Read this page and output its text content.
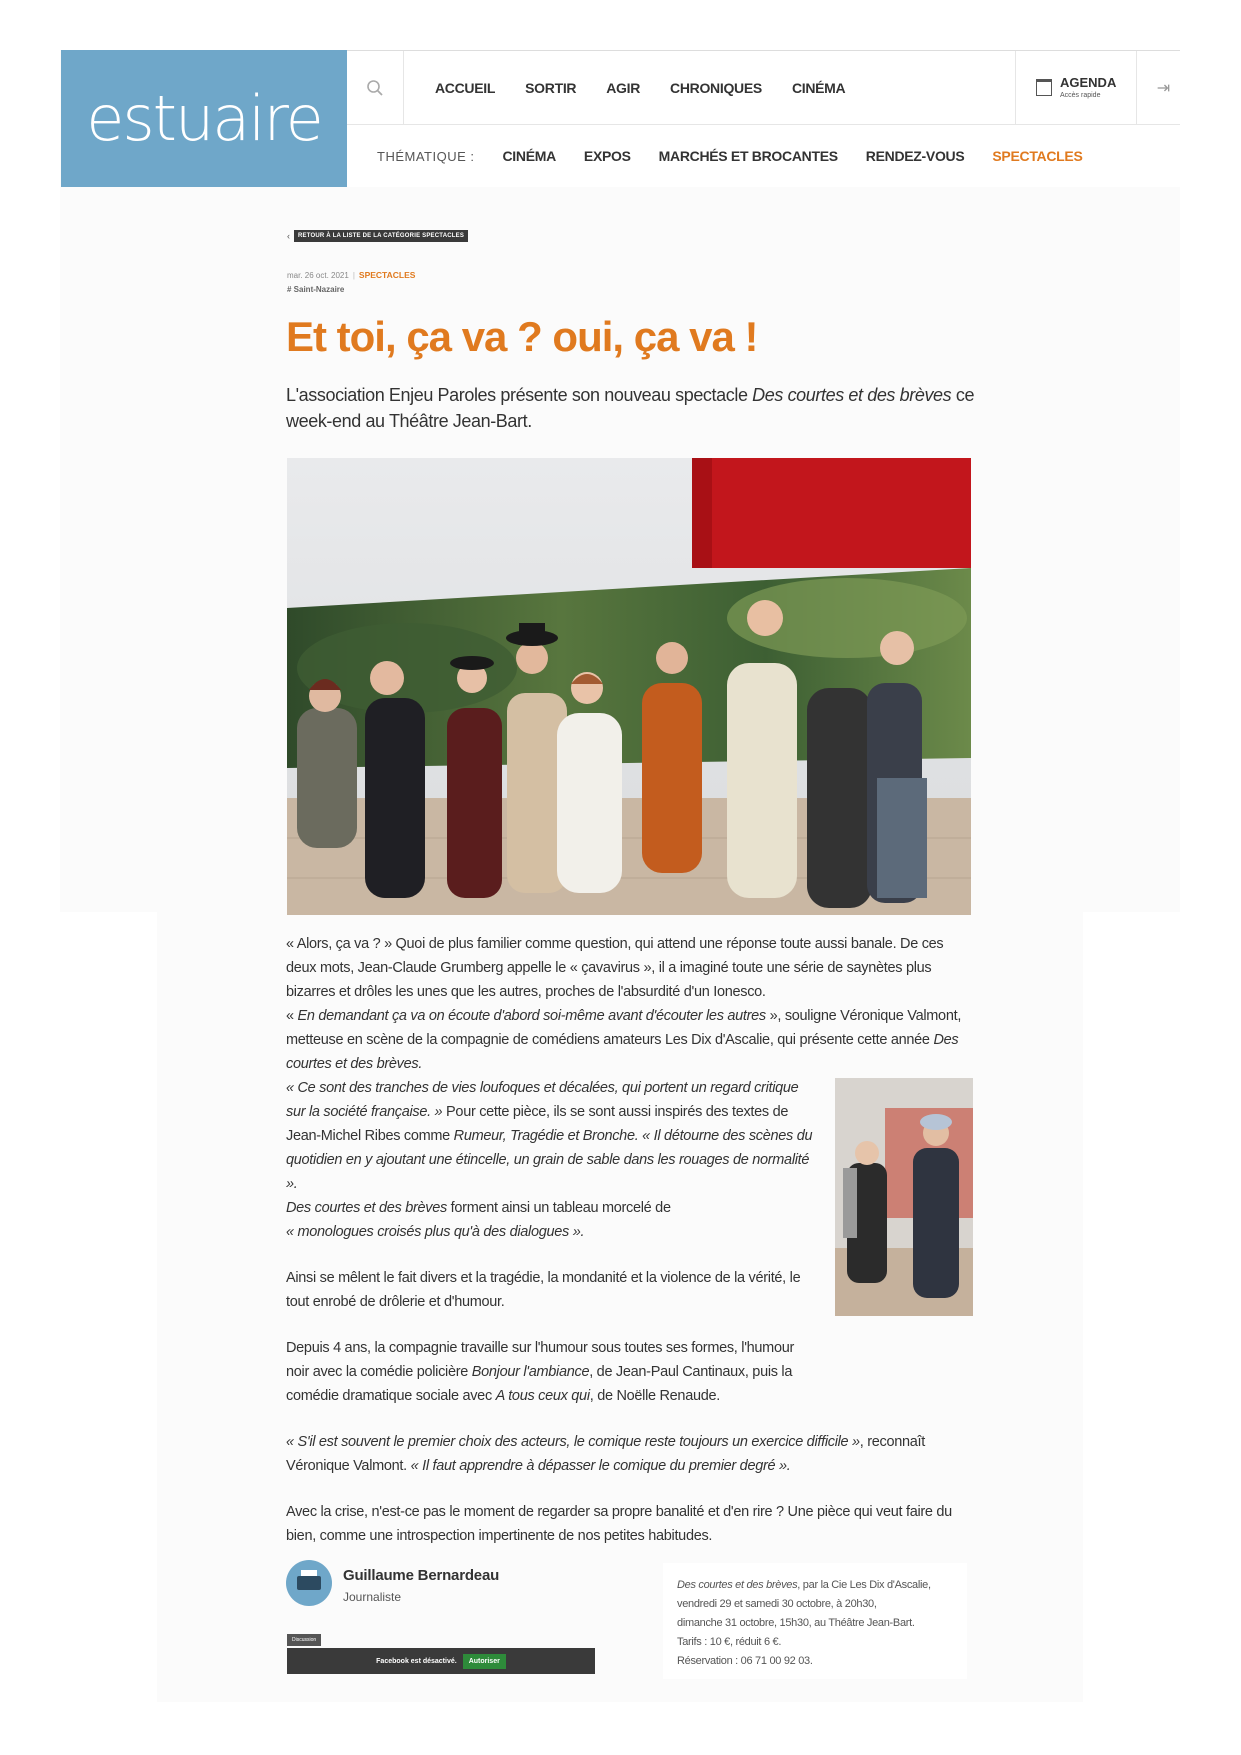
estuaire	ACCUEIL SORTIR AGIR CHRONIQUES CINÉMA	AGENDA
Accès rapide	⇥
THÉMATIQUE : CINÉMA EXPOS MARCHÉS ET BROCANTES RENDEZ-VOUS SPECTACLES
‹	RETOUR À LA LISTE DE LA CATÉGORIE SPECTACLES
mar. 26 oct. 2021 | SPECTACLES
# Saint-Nazaire
Et toi, ça va ? oui, ça va !

L'association Enjeu Paroles présente son nouveau spectacle Des courtes et des brèves ce week-end au Théâtre Jean-Bart.

« Alors, ça va ? » Quoi de plus familier comme question, qui attend une réponse toute aussi banale. De ces deux mots, Jean-Claude Grumberg appelle le « çavavirus », il a imaginé toute une série de saynètes plus bizarres et drôles les unes que les autres, proches de l'absurdité d'un Ionesco.
« En demandant ça va on écoute d'abord soi-même avant d'écouter les autres », souligne Véronique Valmont, metteuse en scène de la compagnie de comédiens amateurs Les Dix d'Ascalie, qui présente cette année Des courtes et des brèves.

« Ce sont des tranches de vies loufoques et décalées, qui portent un regard critique sur la société française. » Pour cette pièce, ils se sont aussi inspirés des textes de Jean-Michel Ribes comme Rumeur, Tragédie et Bronche. « Il détourne des scènes du quotidien en y ajoutant une étincelle, un grain de sable dans les rouages de normalité ».
Des courtes et des brèves forment ainsi un tableau morcelé de
« monologues croisés plus qu'à des dialogues ».

Ainsi se mêlent le fait divers et la tragédie, la mondanité et la violence de la vérité, le tout enrobé de drôlerie et d'humour.

Depuis 4 ans, la compagnie travaille sur l'humour sous toutes ses formes, l'humour noir avec la comédie policière Bonjour l'ambiance, de Jean-Paul Cantinaux, puis la comédie dramatique sociale avec A tous ceux qui, de Noëlle Renaude.

« S'il est souvent le premier choix des acteurs, le comique reste toujours un exercice difficile », reconnaît Véronique Valmont. « Il faut apprendre à dépasser le comique du premier degré ».

Avec la crise, n'est-ce pas le moment de regarder sa propre banalité et d'en rire ? Une pièce qui veut faire du bien, comme une introspection impertinente de nos petites habitudes.

Guillaume Bernardeau
Journaliste
Discussion
Facebook est désactivé.	Autoriser
Des courtes et des brèves, par la Cie Les Dix d'Ascalie,
vendredi 29 et samedi 30 octobre, à 20h30,
dimanche 31 octobre, 15h30, au Théâtre Jean-Bart.
Tarifs : 10 €, réduit 6 €.
Réservation : 06 71 00 92 03.
